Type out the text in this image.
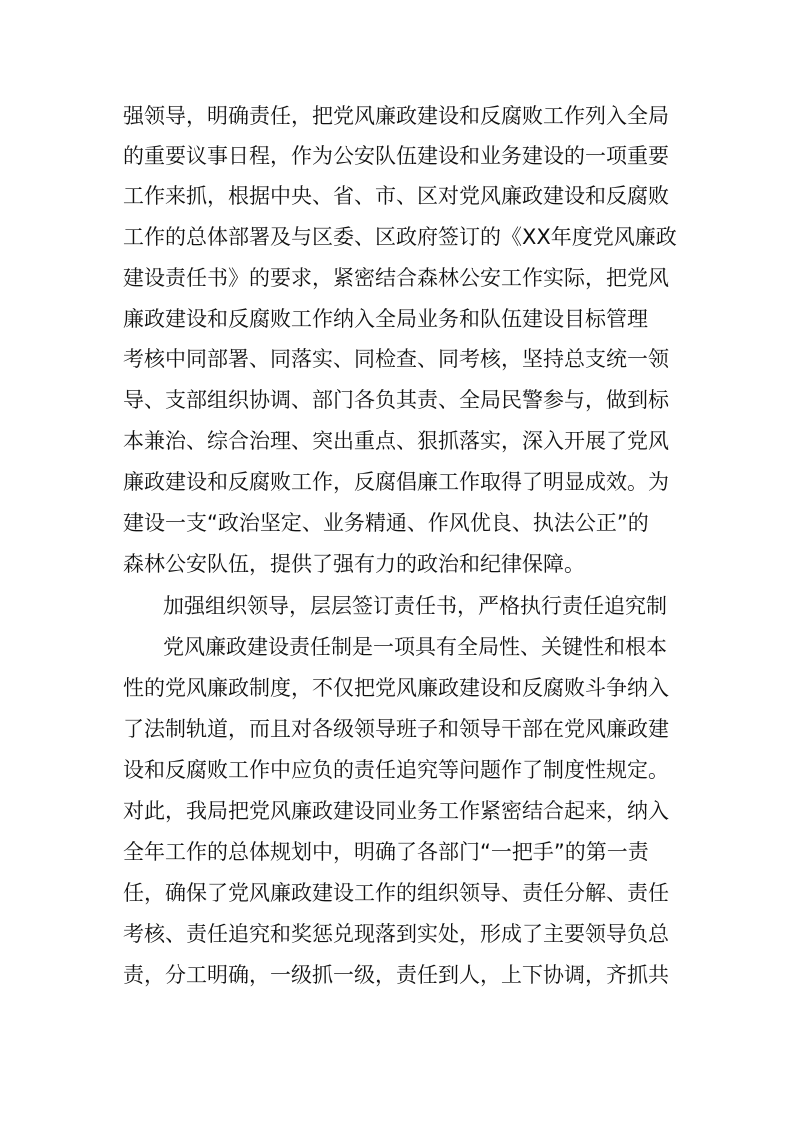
强领导，明确责任，把党风廉政建设和反腐败工作列入全局
的重要议事日程，作为公安队伍建设和业务建设的一项重要
工作来抓，根据中央、省、市、区对党风廉政建设和反腐败
工作的总体部署及与区委、区政府签订的《XX年度党风廉政
建设责任书》的要求，紧密结合森林公安工作实际，把党风
廉政建设和反腐败工作纳入全局业务和队伍建设目标管理
考核中同部署、同落实、同检查、同考核，坚持总支统一领
导、支部组织协调、部门各负其责、全局民警参与，做到标
本兼治、综合治理、突出重点、狠抓落实，深入开展了党风
廉政建设和反腐败工作，反腐倡廉工作取得了明显成效。为
建设一支“政治坚定、业务精通、作风优良、执法公正”的
森林公安队伍，提供了强有力的政治和纪律保障。
加强组织领导，层层签订责任书，严格执行责任追究制
党风廉政建设责任制是一项具有全局性、关键性和根本
性的党风廉政制度，不仅把党风廉政建设和反腐败斗争纳入
了法制轨道，而且对各级领导班子和领导干部在党风廉政建
设和反腐败工作中应负的责任追究等问题作了制度性规定。
对此，我局把党风廉政建设同业务工作紧密结合起来，纳入
全年工作的总体规划中，明确了各部门“一把手”的第一责
任，确保了党风廉政建设工作的组织领导、责任分解、责任
考核、责任追究和奖惩兑现落到实处，形成了主要领导负总
责，分工明确，一级抓一级，责任到人，上下协调，齐抓共
